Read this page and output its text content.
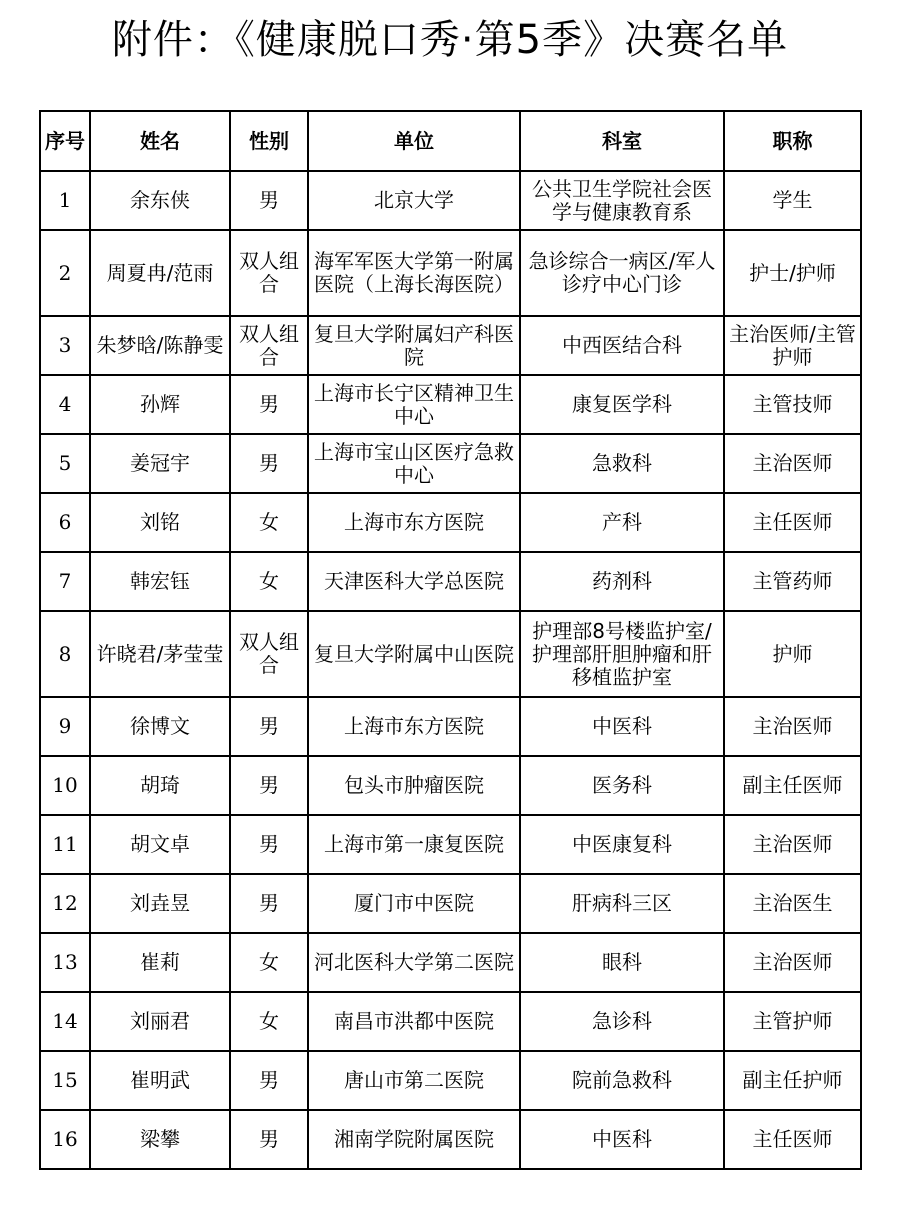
附件：《健康脱口秀·第5季》决赛名单
序号	姓名	性别	单位	科室	职称
1	余东侠	男	北京大学	公共卫生学院社会医学与健康教育系	学生
2	周夏冉/范雨	双人组合	海军军医大学第一附属医院（上海长海医院）	急诊综合一病区/军人诊疗中心门诊	护士/护师
3	朱梦晗/陈静雯	双人组合	复旦大学附属妇产科医院	中西医结合科	主治医师/主管护师
4	孙辉	男	上海市长宁区精神卫生中心	康复医学科	主管技师
5	姜冠宇	男	上海市宝山区医疗急救中心	急救科	主治医师
6	刘铭	女	上海市东方医院	产科	主任医师
7	韩宏钰	女	天津医科大学总医院	药剂科	主管药师
8	许晓君/茅莹莹	双人组合	复旦大学附属中山医院	护理部8号楼监护室/护理部肝胆肿瘤和肝移植监护室	护师
9	徐博文	男	上海市东方医院	中医科	主治医师
10	胡琦	男	包头市肿瘤医院	医务科	副主任医师
11	胡文卓	男	上海市第一康复医院	中医康复科	主治医师
12	刘垚昱	男	厦门市中医院	肝病科三区	主治医生
13	崔莉	女	河北医科大学第二医院	眼科	主治医师
14	刘丽君	女	南昌市洪都中医院	急诊科	主管护师
15	崔明武	男	唐山市第二医院	院前急救科	副主任护师
16	梁攀	男	湘南学院附属医院	中医科	主任医师
